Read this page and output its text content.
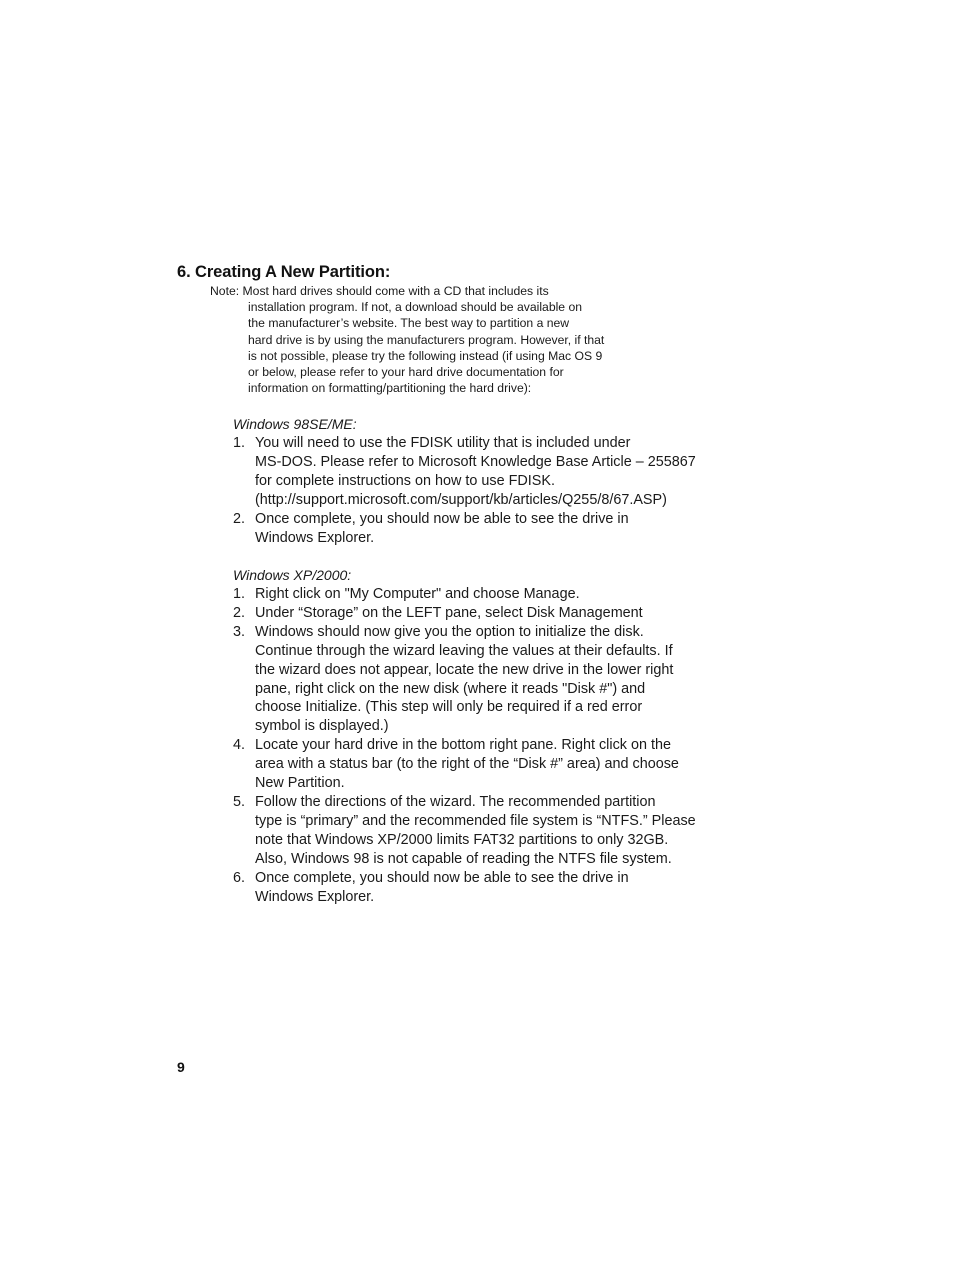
6. Creating A New Partition:
Note: Most hard drives should come with a CD that includes its
installation program. If not, a download should be available on
the manufacturer’s website. The best way to partition a new
hard drive is by using the manufacturers program. However, if that
is not possible, please try the following instead (if using Mac OS 9
or below, please refer to your hard drive documentation for
information on formatting/partitioning the hard drive):
Windows 98SE/ME:
1. You will need to use the FDISK utility that is included under
MS-DOS. Please refer to Microsoft Knowledge Base Article – 255867
for complete instructions on how to use FDISK.
(http://support.microsoft.com/support/kb/articles/Q255/8/67.ASP)
2. Once complete, you should now be able to see the drive in
Windows Explorer.
Windows XP/2000:
1. Right click on "My Computer" and choose Manage.
2. Under “Storage” on the LEFT pane, select Disk Management
3. Windows should now give you the option to initialize the disk.
Continue through the wizard leaving the values at their defaults. If
the wizard does not appear, locate the new drive in the lower right
pane, right click on the new disk (where it reads "Disk #") and
choose Initialize. (This step will only be required if a red error
symbol is displayed.)
4. Locate your hard drive in the bottom right pane. Right click on the
area with a status bar (to the right of the “Disk #” area) and choose
New Partition.
5. Follow the directions of the wizard. The recommended partition
type is “primary” and the recommended file system is “NTFS.” Please
note that Windows XP/2000 limits FAT32 partitions to only 32GB.
Also, Windows 98 is not capable of reading the NTFS file system.
6. Once complete, you should now be able to see the drive in
Windows Explorer.
9
